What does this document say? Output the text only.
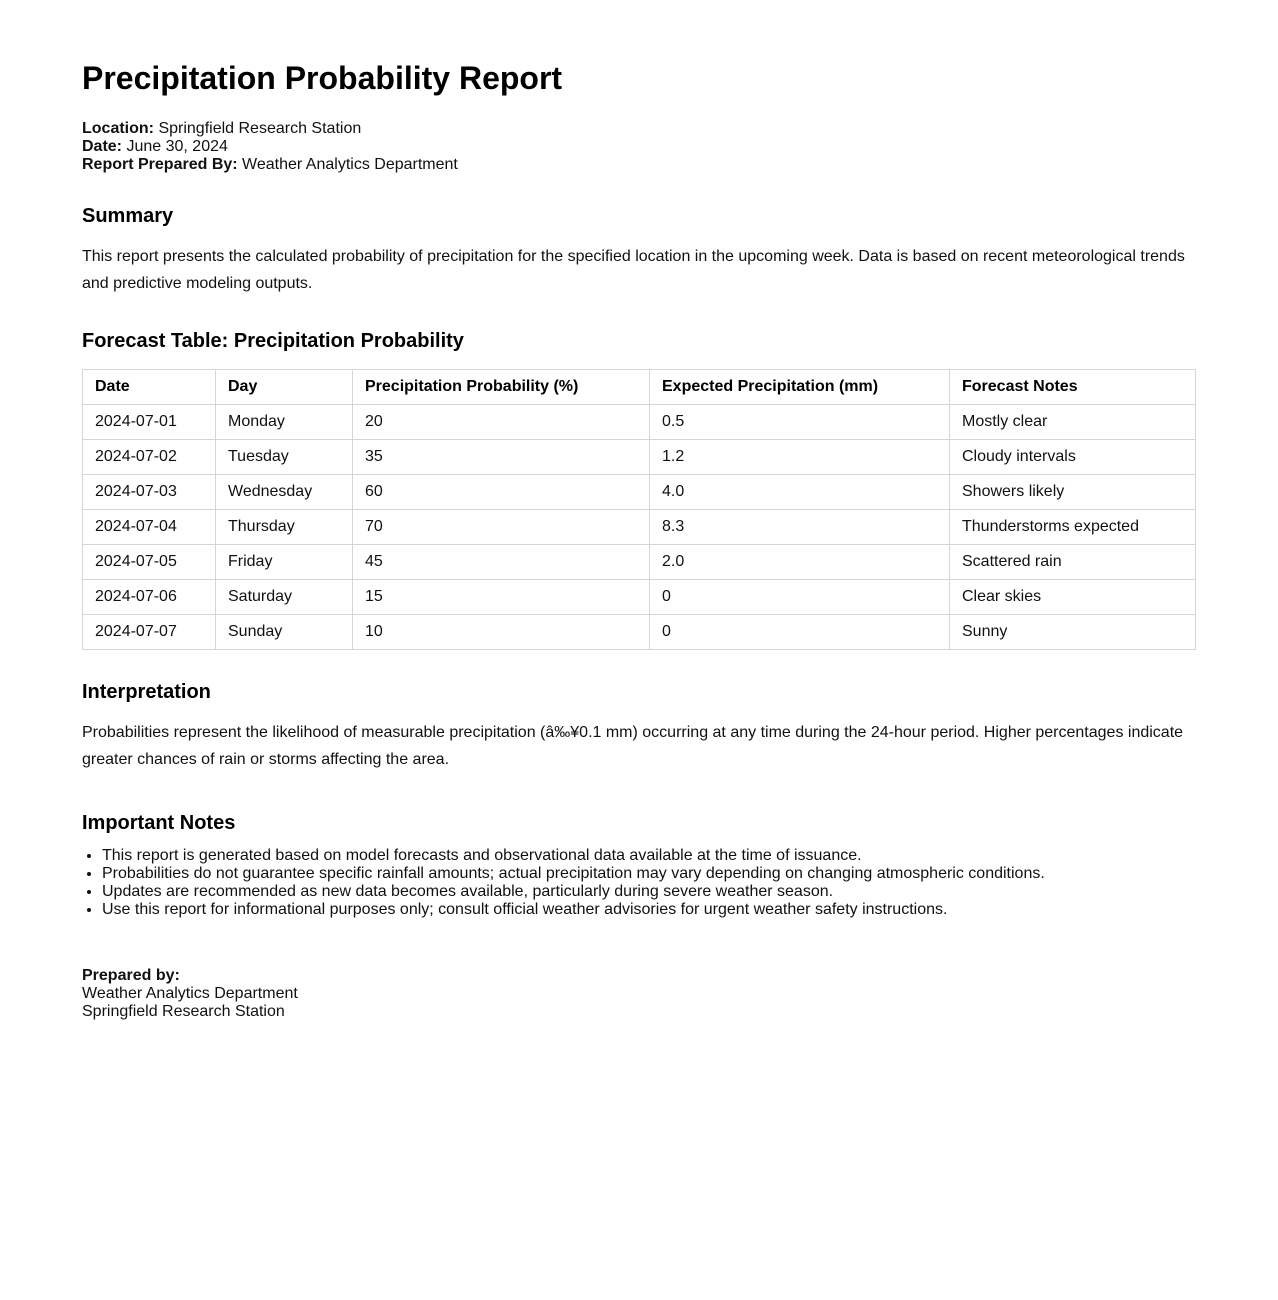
Precipitation Probability Report
Location: Springfield Research Station
Date: June 30, 2024
Report Prepared By: Weather Analytics Department
Summary

This report presents the calculated probability of precipitation for the specified location in the upcoming week. Data is based on recent meteorological trends and predictive modeling outputs.

Forecast Table: Precipitation Probability
Date	Day	Precipitation Probability (%)	Expected Precipitation (mm)	Forecast Notes
2024-07-01	Monday	20	0.5	Mostly clear
2024-07-02	Tuesday	35	1.2	Cloudy intervals
2024-07-03	Wednesday	60	4.0	Showers likely
2024-07-04	Thursday	70	8.3	Thunderstorms expected
2024-07-05	Friday	45	2.0	Scattered rain
2024-07-06	Saturday	15	0	Clear skies
2024-07-07	Sunday	10	0	Sunny
Interpretation

Probabilities represent the likelihood of measurable precipitation (â‰¥0.1 mm) occurring at any time during the 24-hour period. Higher percentages indicate greater chances of rain or storms affecting the area.

Important Notes
• This report is generated based on model forecasts and observational data available at the time of issuance.
• Probabilities do not guarantee specific rainfall amounts; actual precipitation may vary depending on changing atmospheric conditions.
• Updates are recommended as new data becomes available, particularly during severe weather season.
• Use this report for informational purposes only; consult official weather advisories for urgent weather safety instructions.
Prepared by:
Weather Analytics Department
Springfield Research Station
